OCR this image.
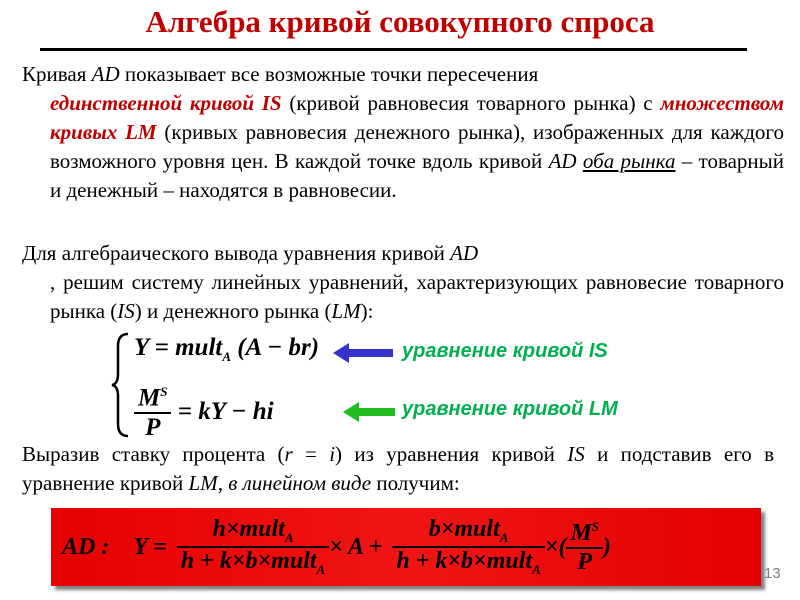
Алгебра кривой совокупного спроса
Кривая AD показывает все возможные точки пересечения
единственной кривой IS (кривой равновесия товарного рынка) с множеством кривых LM (кривых равновесия денежного рынка), изображенных для каждого возможного уровня цен. В каждой точке вдоль кривой AD оба рынка – товарный и денежный – находятся в равновесии.
Для алгебраического вывода уравнения кривой AD
, решим систему линейных уравнений, характеризующих равновесие товарного рынка (IS) и денежного рынка (LM):
Y = mult$_A$ (A − br)
$\frac{M^S}{P}$ = kY − hi
уравнение кривой IS
уравнение кривой LM
Выразив ставку процента (r = i) из уравнения кривой IS и подставив его в уравнение кривой LM, в линейном виде получим:
AD : $Y = \frac{h\times mult_A}{h + k\times b\times mult_A} \times A + \frac{b\times mult_A}{h + k\times b\times mult_A}$ ×( $\frac{M^S}{P}$ )
13
